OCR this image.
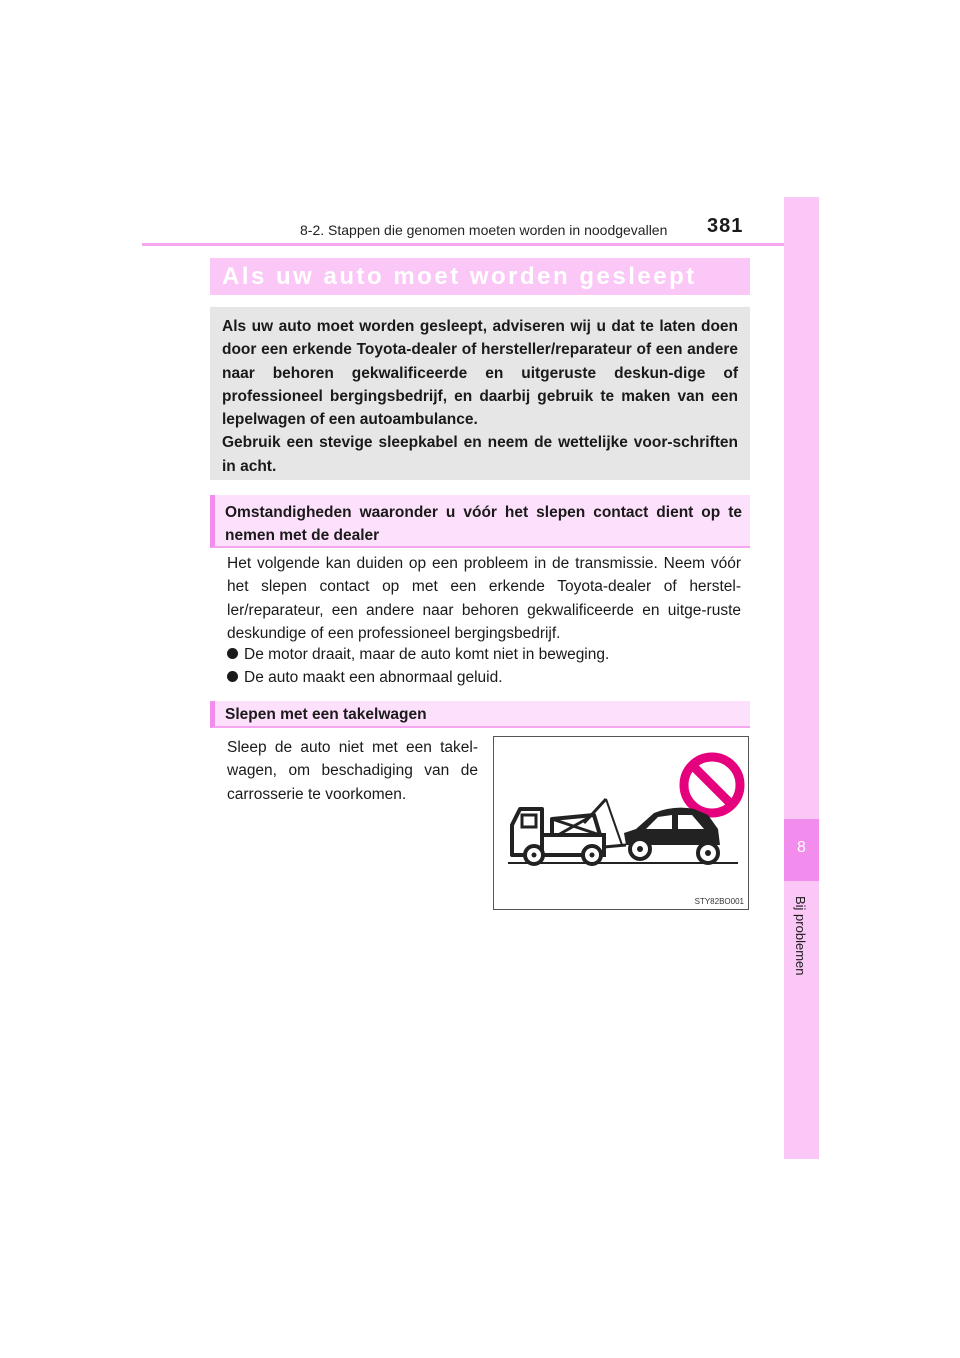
8-2. Stappen die genomen moeten worden in noodgevallen 381
8
Bij problemen
Als uw auto moet worden gesleept

Als uw auto moet worden gesleept, adviseren wij u dat te laten doen door een erkende Toyota-dealer of hersteller/reparateur of een andere naar behoren gekwalificeerde en uitgeruste deskun-dige of professioneel bergingsbedrijf, en daarbij gebruik te maken van een lepelwagen of een autoambulance.

Gebruik een stevige sleepkabel en neem de wettelijke voor-schriften in acht.

Omstandigheden waaronder u vóór het slepen contact dient op te nemen met de dealer
Het volgende kan duiden op een probleem in de transmissie. Neem vóór het slepen contact op met een erkende Toyota-dealer of herstel-ler/reparateur, een andere naar behoren gekwalificeerde en uitge-ruste deskundige of een professioneel bergingsbedrijf.
De motor draait, maar de auto komt niet in beweging.
De auto maakt een abnormaal geluid.
Slepen met een takelwagen
Sleep de auto niet met een takel-wagen, om beschadiging van de carrosserie te voorkomen.
STY82BO001
